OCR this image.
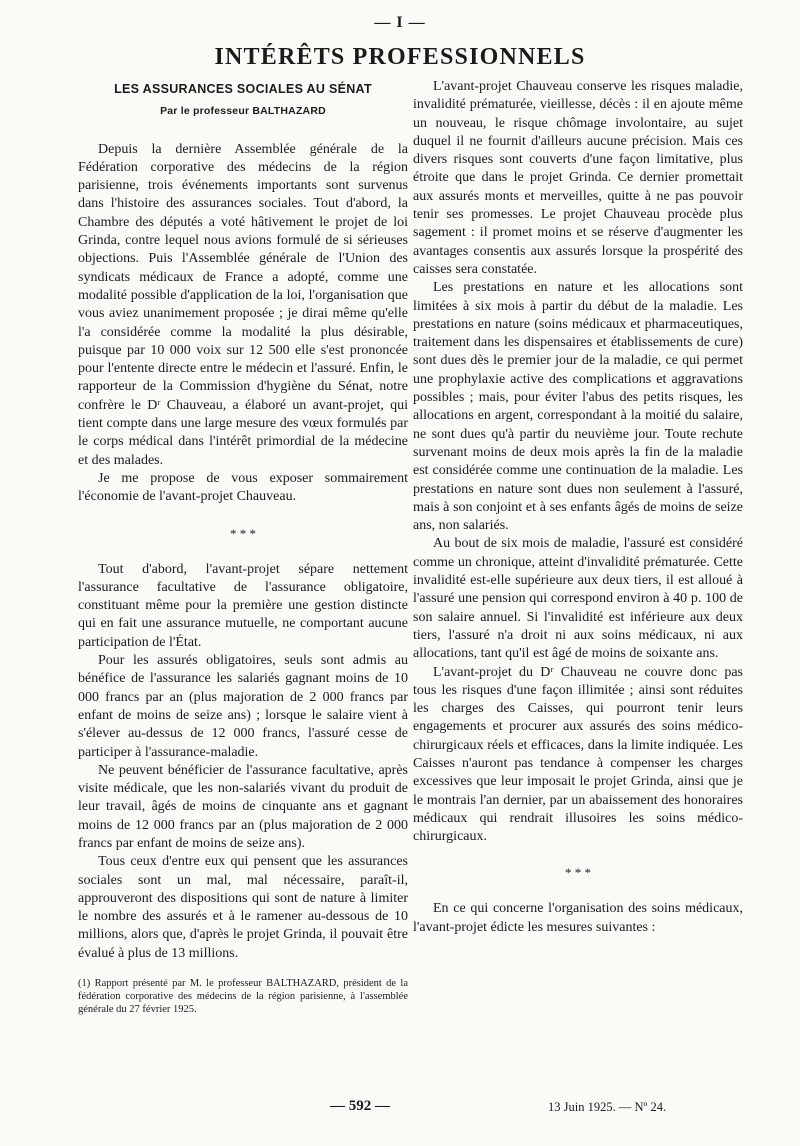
— I —
INTÉRÊTS PROFESSIONNELS
LES ASSURANCES SOCIALES AU SÉNAT
Par le professeur BALTHAZARD

Depuis la dernière Assemblée générale de la Fédération corporative des médecins de la région parisienne, trois événements importants sont survenus dans l'histoire des assurances sociales. Tout d'abord, la Chambre des députés a voté hâtivement le projet de loi Grinda, contre lequel nous avions formulé de si sérieuses objections. Puis l'Assemblée générale de l'Union des syndicats médicaux de France a adopté, comme une modalité possible d'application de la loi, l'organisation que vous aviez unanimement proposée ; je dirai même qu'elle l'a considérée comme la modalité la plus désirable, puisque par 10 000 voix sur 12 500 elle s'est prononcée pour l'entente directe entre le médecin et l'assuré. Enfin, le rapporteur de la Commission d'hygiène du Sénat, notre confrère le Dʳ Chauveau, a élaboré un avant-projet, qui tient compte dans une large mesure des vœux formulés par le corps médical dans l'intérêt primordial de la médecine et des malades.

Je me propose de vous exposer sommairement l'économie de l'avant-projet Chauveau.

* * *

Tout d'abord, l'avant-projet sépare nettement l'assurance facultative de l'assurance obligatoire, constituant même pour la première une gestion distincte qui en fait une assurance mutuelle, ne comportant aucune participation de l'État.

Pour les assurés obligatoires, seuls sont admis au bénéfice de l'assurance les salariés gagnant moins de 10 000 francs par an (plus majoration de 2 000 francs par enfant de moins de seize ans) ; lorsque le salaire vient à s'élever au-dessus de 12 000 francs, l'assuré cesse de participer à l'assurance-maladie.

Ne peuvent bénéficier de l'assurance facultative, après visite médicale, que les non-salariés vivant du produit de leur travail, âgés de moins de cinquante ans et gagnant moins de 12 000 francs par an (plus majoration de 2 000 francs par enfant de moins de seize ans).

Tous ceux d'entre eux qui pensent que les assurances sociales sont un mal, mal nécessaire, paraît-il, approuveront des dispositions qui sont de nature à limiter le nombre des assurés et à le ramener au-dessous de 10 millions, alors que, d'après le projet Grinda, il pouvait être évalué à plus de 13 millions.

(1) Rapport présenté par M. le professeur BALTHAZARD, président de la fédération corporative des médecins de la région parisienne, à l'assemblée générale du 27 février 1925.

L'avant-projet Chauveau conserve les risques maladie, invalidité prématurée, vieillesse, décès : il en ajoute même un nouveau, le risque chômage involontaire, au sujet duquel il ne fournit d'ailleurs aucune précision. Mais ces divers risques sont couverts d'une façon limitative, plus étroite que dans le projet Grinda. Ce dernier promettait aux assurés monts et merveilles, quitte à ne pas pouvoir tenir ses promesses. Le projet Chauveau procède plus sagement : il promet moins et se réserve d'augmenter les avantages consentis aux assurés lorsque la prospérité des caisses sera constatée.

Les prestations en nature et les allocations sont limitées à six mois à partir du début de la maladie. Les prestations en nature (soins médicaux et pharmaceutiques, traitement dans les dispensaires et établissements de cure) sont dues dès le premier jour de la maladie, ce qui permet une prophylaxie active des complications et aggravations possibles ; mais, pour éviter l'abus des petits risques, les allocations en argent, correspondant à la moitié du salaire, ne sont dues qu'à partir du neuvième jour. Toute rechute survenant moins de deux mois après la fin de la maladie est considérée comme une continuation de la maladie. Les prestations en nature sont dues non seulement à l'assuré, mais à son conjoint et à ses enfants âgés de moins de seize ans, non salariés.

Au bout de six mois de maladie, l'assuré est considéré comme un chronique, atteint d'invalidité prématurée. Cette invalidité est-elle supérieure aux deux tiers, il est alloué à l'assuré une pension qui correspond environ à 40 p. 100 de son salaire annuel. Si l'invalidité est inférieure aux deux tiers, l'assuré n'a droit ni aux soins médicaux, ni aux allocations, tant qu'il est âgé de moins de soixante ans.

L'avant-projet du Dʳ Chauveau ne couvre donc pas tous les risques d'une façon illimitée ; ainsi sont réduites les charges des Caisses, qui pourront tenir leurs engagements et procurer aux assurés des soins médico-chirurgicaux réels et efficaces, dans la limite indiquée. Les Caisses n'auront pas tendance à compenser les charges excessives que leur imposait le projet Grinda, ainsi que je le montrais l'an dernier, par un abaissement des honoraires médicaux qui rendrait illusoires les soins médico-chirurgicaux.

* * *

En ce qui concerne l'organisation des soins médicaux, l'avant-projet édicte les mesures suivantes :

— 592 —	13 Juin 1925. — Nº 24.
